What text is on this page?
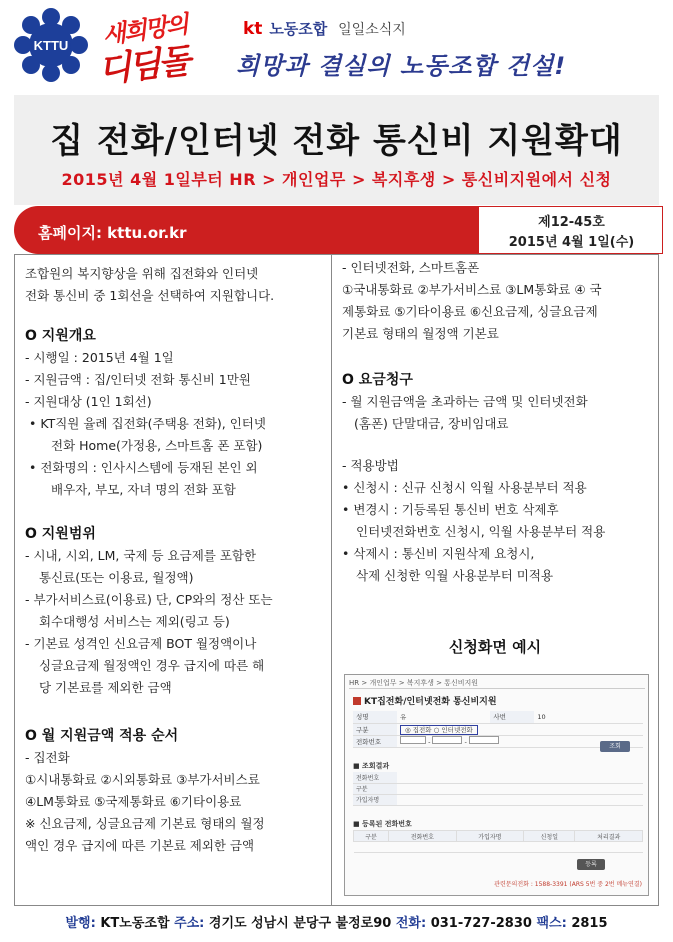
KTTU 새희망의
디딤돌
kt 노동조합 일일소식지
희망과 결실의 노동조합 건설!
집 전화/인터넷 전화 통신비 지원확대
2015년 4월 1일부터 HR > 개인업무 > 복지후생 > 통신비지원에서 신청
홈페이지: kttu.or.kr
제12-45호
2015년 4월 1일(수)
조합원의 복지향상을 위해 집전화와 인터넷
전화 통신비 중 1회선을 선택하여 지원합니다.
O 지원개요
- 시행일 : 2015년 4월 1일
- 지원금액 : 집/인터넷 전화 통신비 1만원
- 지원대상 (1인 1회선)
• KT직원 율례 집전화(주택용 전화), 인터넷
전화 Home(가정용, 스마트홈 폰 포함)
• 전화명의 : 인사시스템에 등재된 본인 외
배우자, 부모, 자녀 명의 전화 포함
O 지원범위
- 시내, 시외, LM, 국제 등 요금제를 포함한
통신료(또는 이용료, 월정액)
- 부가서비스료(이용료) 단, CP와의 정산 또는
회수대행성 서비스는 제외(링고 등)
- 기본료 성격인 신요금제 BOT 월정액이나
싱글요금제 월정액인 경우 급지에 따른 해
당 기본료를 제외한 금액
O 월 지원금액 적용 순서
- 집전화
①시내통화료 ②시외통화료 ③부가서비스료
④LM통화료 ⑤국제통화료 ⑥기타이용료
※ 신요금제, 싱글요금제 기본료 형태의 월정
액인 경우 급지에 따른 기본료 제외한 금액
- 인터넷전화, 스마트홈폰
①국내통화료 ②부가서비스료 ③LM통화료 ④ 국
제통화료 ⑤기타이용료 ⑥신요금제, 싱글요금제
기본료 형태의 월정액 기본료
O 요금청구
- 월 지원금액을 초과하는 금액 및 인터넷전화
(홈폰) 단말대금, 장비임대료
- 적용방법
• 신청시 : 신규 신청시 익월 사용분부터 적용
• 변경시 : 기등록된 통신비 번호 삭제후
인터넷전화번호 신청시, 익월 사용분부터 적용
• 삭제시 : 통신비 지원삭제 요청시,
삭제 신청한 익월 사용분부터 미적용
신청화면 예시
HR > 개인업무 > 복지후생 > 통신비지원
KT집전화/인터넷전화 통신비지원
성명	유	사번	10
구분	◎ 집전화 ○ 인터넷전화		
전화번호	- -		
조회
■ 조회결과
전화번호	
구분	
가입자명	
■ 등록된 전화번호
구분	전화번호	가입자명	신청일	처리결과

등록
관련문의전화 : 1588-3391 (ARS 5번 중 2번 메뉴연결)
발행: KT노동조합 주소: 경기도 성남시 분당구 불정로90 전화: 031-727-2830 팩스: 2815
